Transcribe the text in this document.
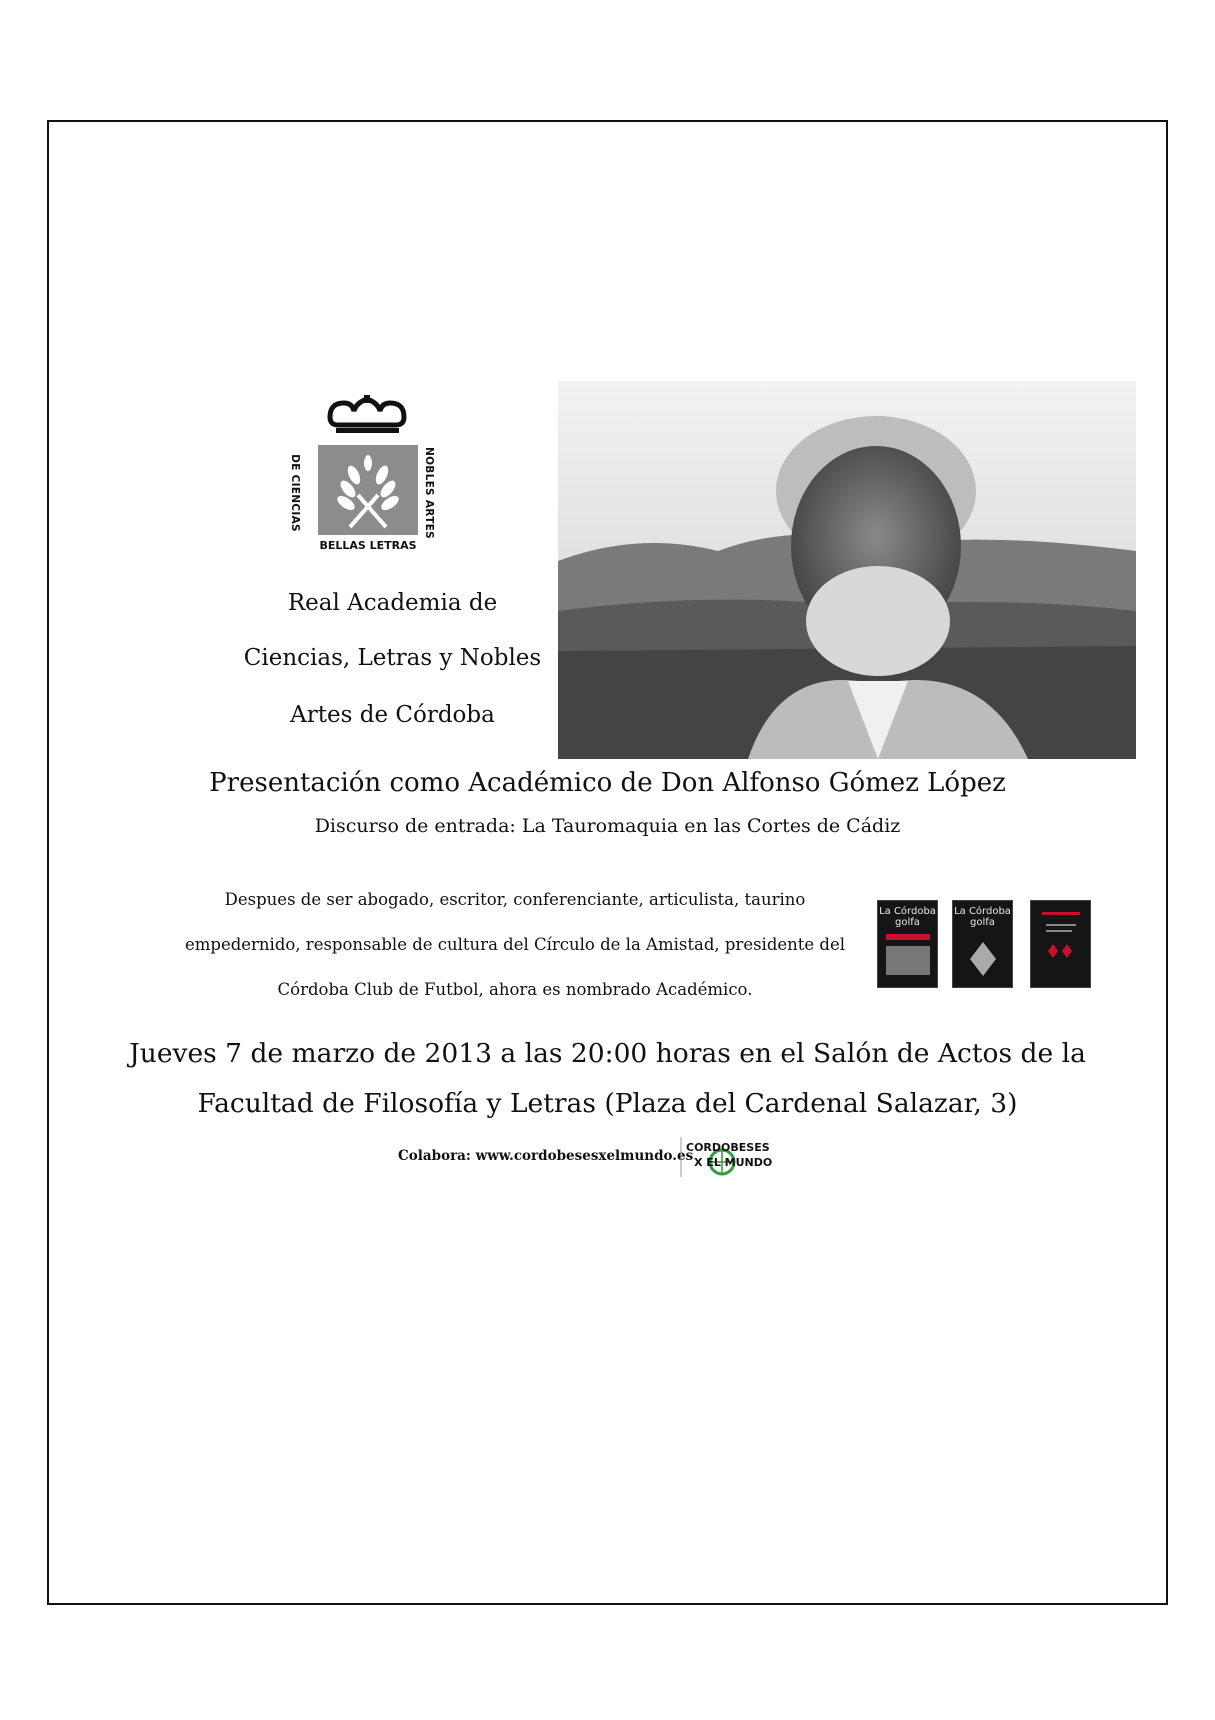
DE CIENCIAS	NOBLES ARTES
BELLAS LETRAS
Real Academia de
Ciencias, Letras y Nobles
Artes de Córdoba
Presentación como Académico de Don Alfonso Gómez López
Discurso de entrada: La Tauromaquia en las Cortes de Cádiz
Despues de ser abogado, escritor, conferenciante, articulista, taurino
empedernido, responsable de cultura del Círculo de la Amistad, presidente del
Córdoba Club de Futbol, ahora es nombrado Académico.
La Córdoba golfa
La Córdoba golfa
Jueves 7 de marzo de 2013 a las 20:00 horas en el Salón de Actos de la
Facultad de Filosofía y Letras (Plaza del Cardenal Salazar, 3)
Colabora: www.cordobesesxelmundo.es
CORDOBESES
X EL MUNDO
